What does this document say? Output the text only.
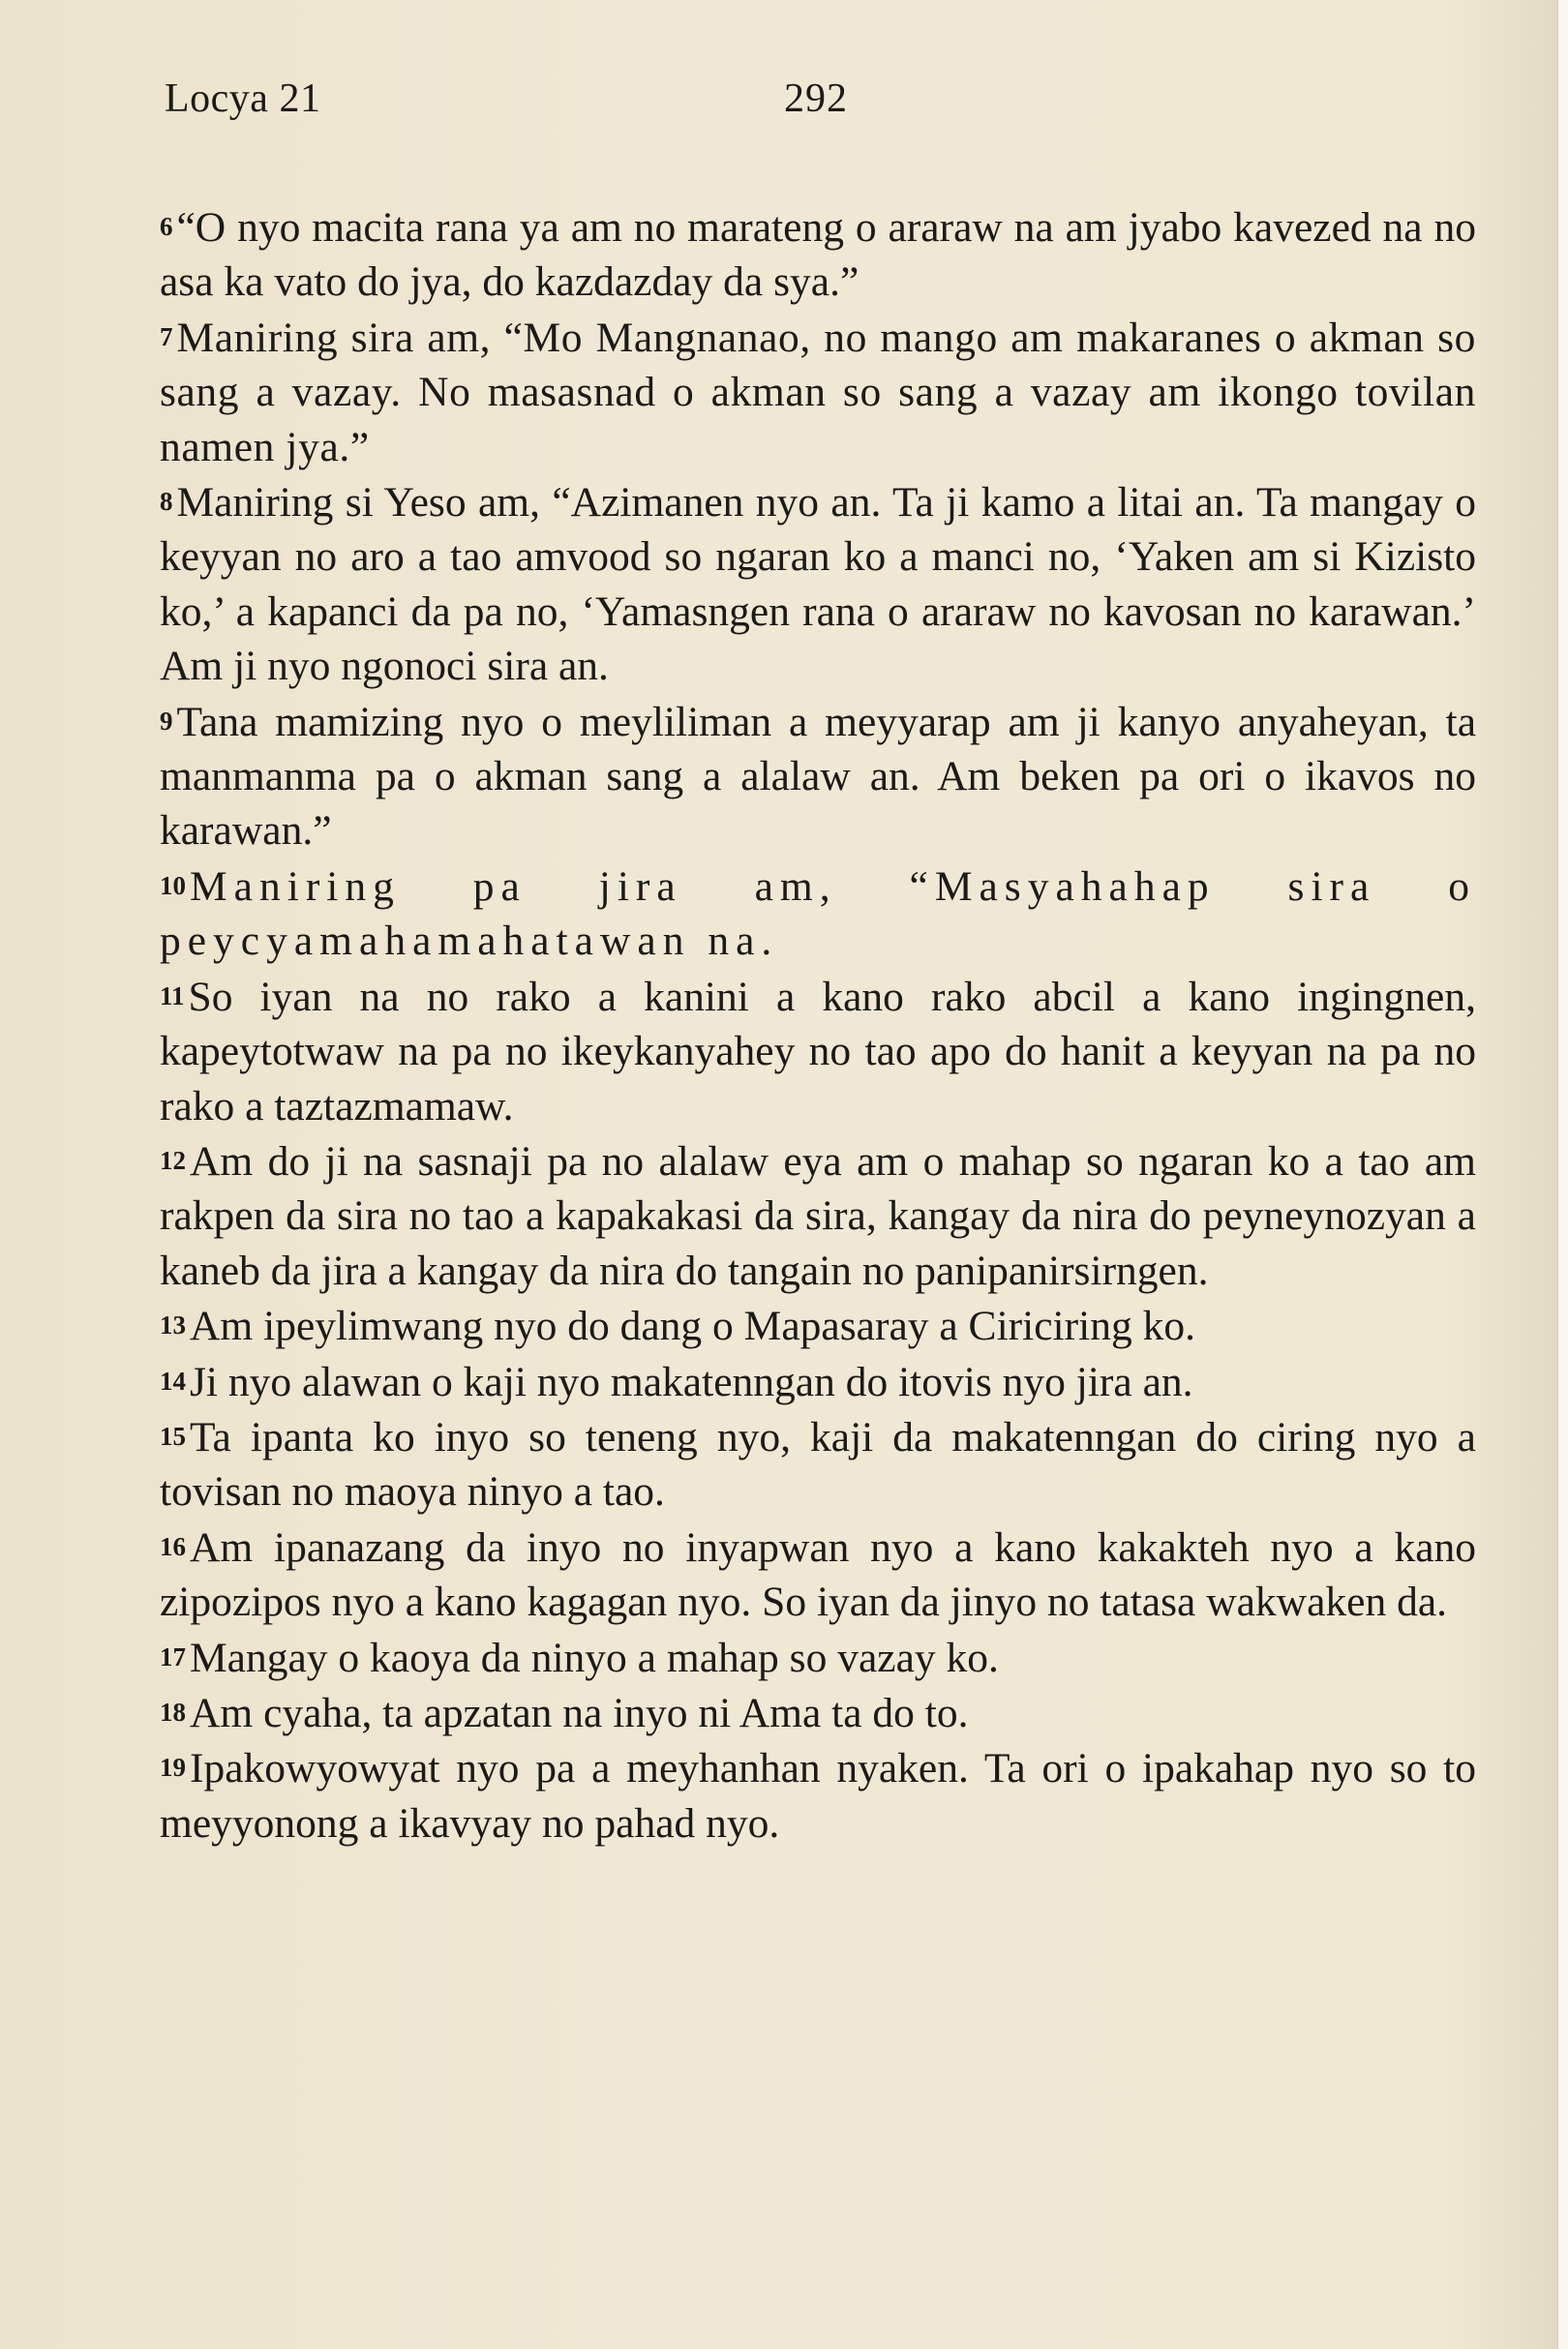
Locya 21	292

6“O nyo macita rana ya am no marateng o araraw na am jyabo kavezed na no asa ka vato do jya, do kazdazday da sya.”

7Maniring sira am, “Mo Mangnanao, no mango am makaranes o akman so sang a vazay. No masasnad o akman so sang a vazay am ikongo tovilan namen jya.”

8Maniring si Yeso am, “Azimanen nyo an. Ta ji kamo a litai an. Ta mangay o keyyan no aro a tao amvood so ngaran ko a manci no, ‘Yaken am si Kizisto ko,’ a kapanci da pa no, ‘Yamasngen rana o araraw no kavosan no karawan.’ Am ji nyo ngonoci sira an.

9Tana mamizing nyo o meyliliman a meyyarap am ji kanyo anyaheyan, ta manmanma pa o akman sang a alalaw an. Am beken pa ori o ikavos no karawan.”

10Maniring pa jira am, “Masyahahap sira o peycyamahamahatawan na.

11So iyan na no rako a kanini a kano rako abcil a kano ingingnen, kapeytotwaw na pa no ikeykanyahey no tao apo do hanit a keyyan na pa no rako a taztazmamaw.

12Am do ji na sasnaji pa no alalaw eya am o mahap so ngaran ko a tao am rakpen da sira no tao a kapakakasi da sira, kangay da nira do peyneynozyan a kaneb da jira a kangay da nira do tangain no panipanirsirngen.

13Am ipeylimwang nyo do dang o Mapasaray a Ciriciring ko.

14Ji nyo alawan o kaji nyo makatenngan do itovis nyo jira an.

15Ta ipanta ko inyo so teneng nyo, kaji da makatenngan do ciring nyo a tovisan no maoya ninyo a tao.

16Am ipanazang da inyo no inyapwan nyo a kano kakakteh nyo a kano zipozipos nyo a kano kagagan nyo. So iyan da jinyo no tatasa wakwaken da.

17Mangay o kaoya da ninyo a mahap so vazay ko.

18Am cyaha, ta apzatan na inyo ni Ama ta do to.

19Ipakowyowyat nyo pa a meyhanhan nyaken. Ta ori o ipakahap nyo so to meyyonong a ikavyay no pahad nyo.
